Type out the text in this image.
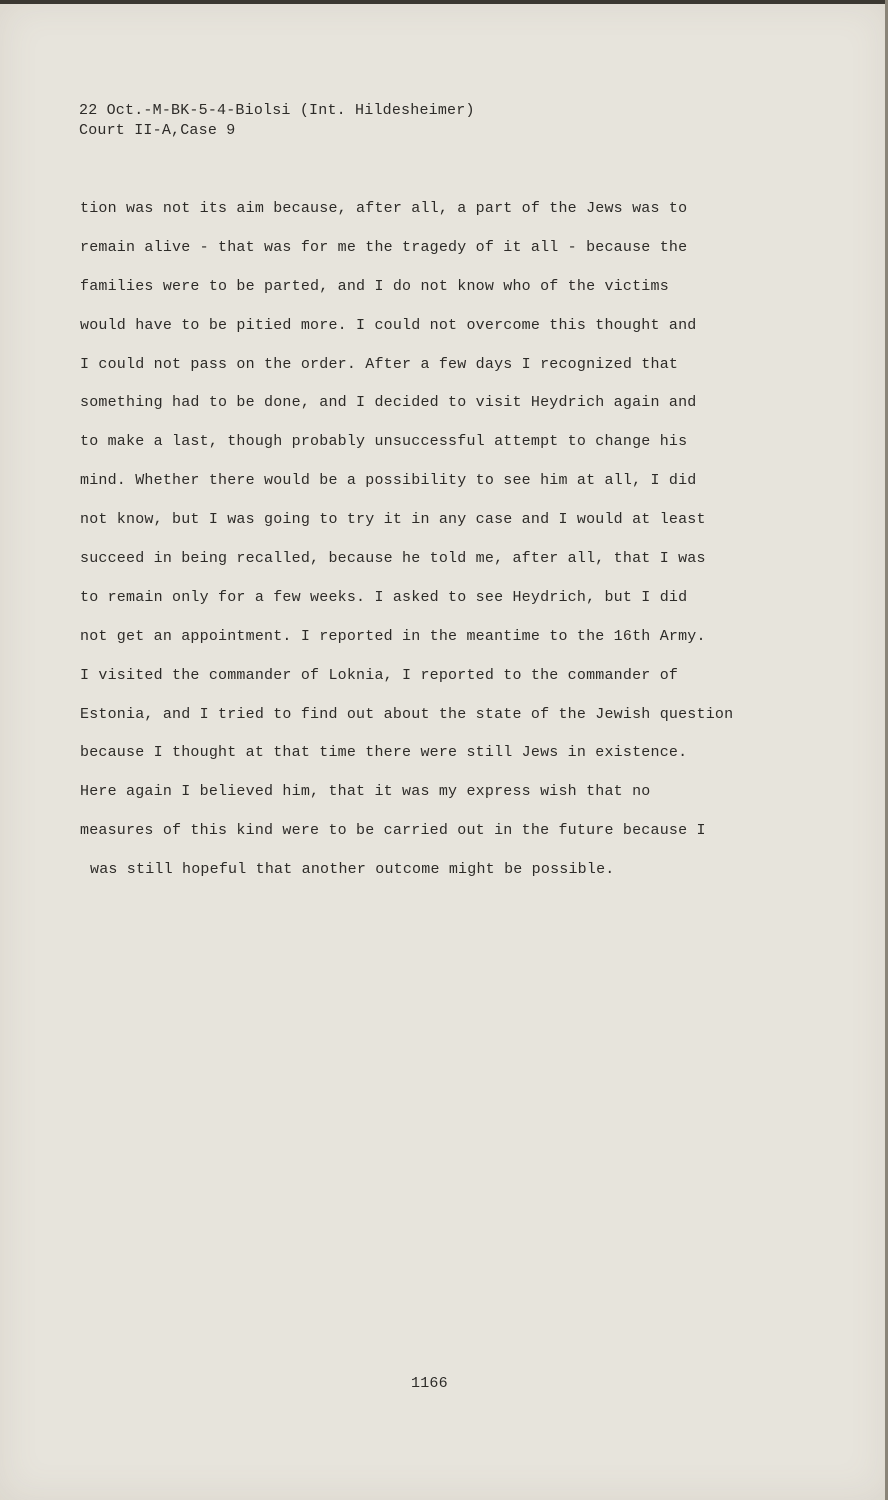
22 Oct.-M-BK-5-4-Biolsi (Int. Hildesheimer)

Court II-A,Case 9

tion was not its aim because, after all, a part of the Jews was to
remain alive - that was for me the tragedy of it all - because the
families were to be parted, and I do not know who of the victims
would have to be pitied more. I could not overcome this thought and
I could not pass on the order. After a few days I recognized that
something had to be done, and I decided to visit Heydrich again and
to make a last, though probably unsuccessful attempt to change his
mind. Whether there would be a possibility to see him at all, I did
not know, but I was going to try it in any case and I would at least
succeed in being recalled, because he told me, after all, that I was
to remain only for a few weeks. I asked to see Heydrich, but I did
not get an appointment. I reported in the meantime to the 16th Army.
I visited the commander of Loknia, I reported to the commander of
Estonia, and I tried to find out about the state of the Jewish question
because I thought at that time there were still Jews in existence.
Here again I believed him, that it was my express wish that no
measures of this kind were to be carried out in the future because I
was still hopeful that another outcome might be possible.

1166
